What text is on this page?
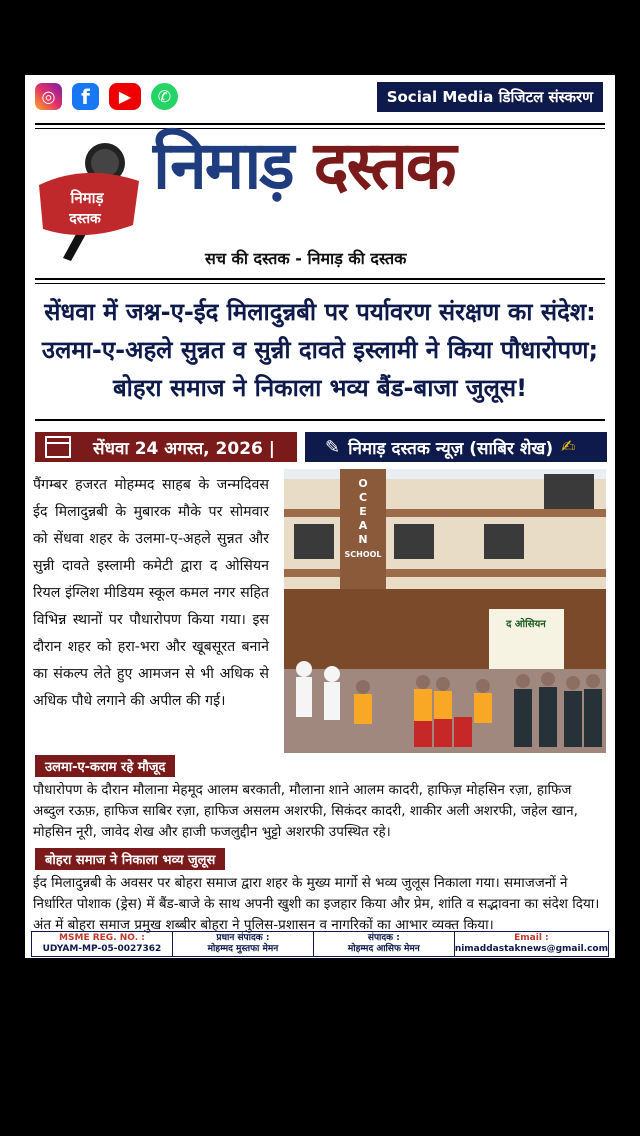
◎	f	▶	✆	Social Media डिजिटल संस्करण
निमाड़
दस्तक
निमाड़ दस्तक
सच की दस्तक - निमाड़ की दस्तक
सेंधवा में जश्न-ए-ईद मिलादुन्नबी पर पर्यावरण संरक्षण का संदेश:
उलमा-ए-अहले सुन्नत व सुन्नी दावते इस्लामी ने किया पौधारोपण;
बोहरा समाज ने निकाला भव्य बैंड-बाजा जुलूस!
सेंधवा 24 अगस्त, 2026 |	✎ निमाड़ दस्तक न्यूज़ (साबिर शेख) ✍
पैंगम्बर हजरत मोहम्मद साहब के जन्मदिवस ईद मिलादुन्नबी के मुबारक मौके पर सोमवार को सेंधवा शहर के उलमा-ए-अहले सुन्नत और सुन्नी दावते इस्लामी कमेटी द्वारा द ओसियन रियल इंग्लिश मीडियम स्कूल कमल नगर सहित विभिन्न स्थानों पर पौधारोपण किया गया। इस दौरान शहर को हरा-भरा और खूबसूरत बनाने का संकल्प लेते हुए आमजन से भी अधिक से अधिक पौधे लगाने की अपील की गई।
O
C
E
A
N
SCHOOL
द ओसियन
उलमा-ए-कराम रहे मौजूद
पौधारोपण के दौरान मौलाना मेहमूद आलम बरकाती, मौलाना शाने आलम कादरी, हाफिज़ मोहसिन रज़ा, हाफिज अब्दुल रऊफ़, हाफिज साबिर रज़ा, हाफिज असलम अशरफी, सिकंदर कादरी, शाकीर अली अशरफी, जहेल खान, मोहसिन नूरी, जावेद शेख और हाजी फजलुद्दीन भुट्टो अशरफी उपस्थित रहे।
बोहरा समाज ने निकाला भव्य जुलूस
ईद मिलादुन्नबी के अवसर पर बोहरा समाज द्वारा शहर के मुख्य मार्गो से भव्य जुलूस निकाला गया। समाजजनों ने निर्धारित पोशाक (ड्रेस) में बैंड-बाजे के साथ अपनी खुशी का इजहार किया और प्रेम, शांति व सद्भावना का संदेश दिया। अंत में बोहरा समाज प्रमुख शब्बीर बोहरा ने पुलिस-प्रशासन व नागरिकों का आभार व्यक्त किया।
MSME REG. NO. :
UDYAM-MP-05-0027362
प्रधान संपादक :
मोहम्मद मुस्तफा मेमन
संपादक :
मोहम्मद आसिफ मेमन
Email :
nimaddastaknews@gmail.com
